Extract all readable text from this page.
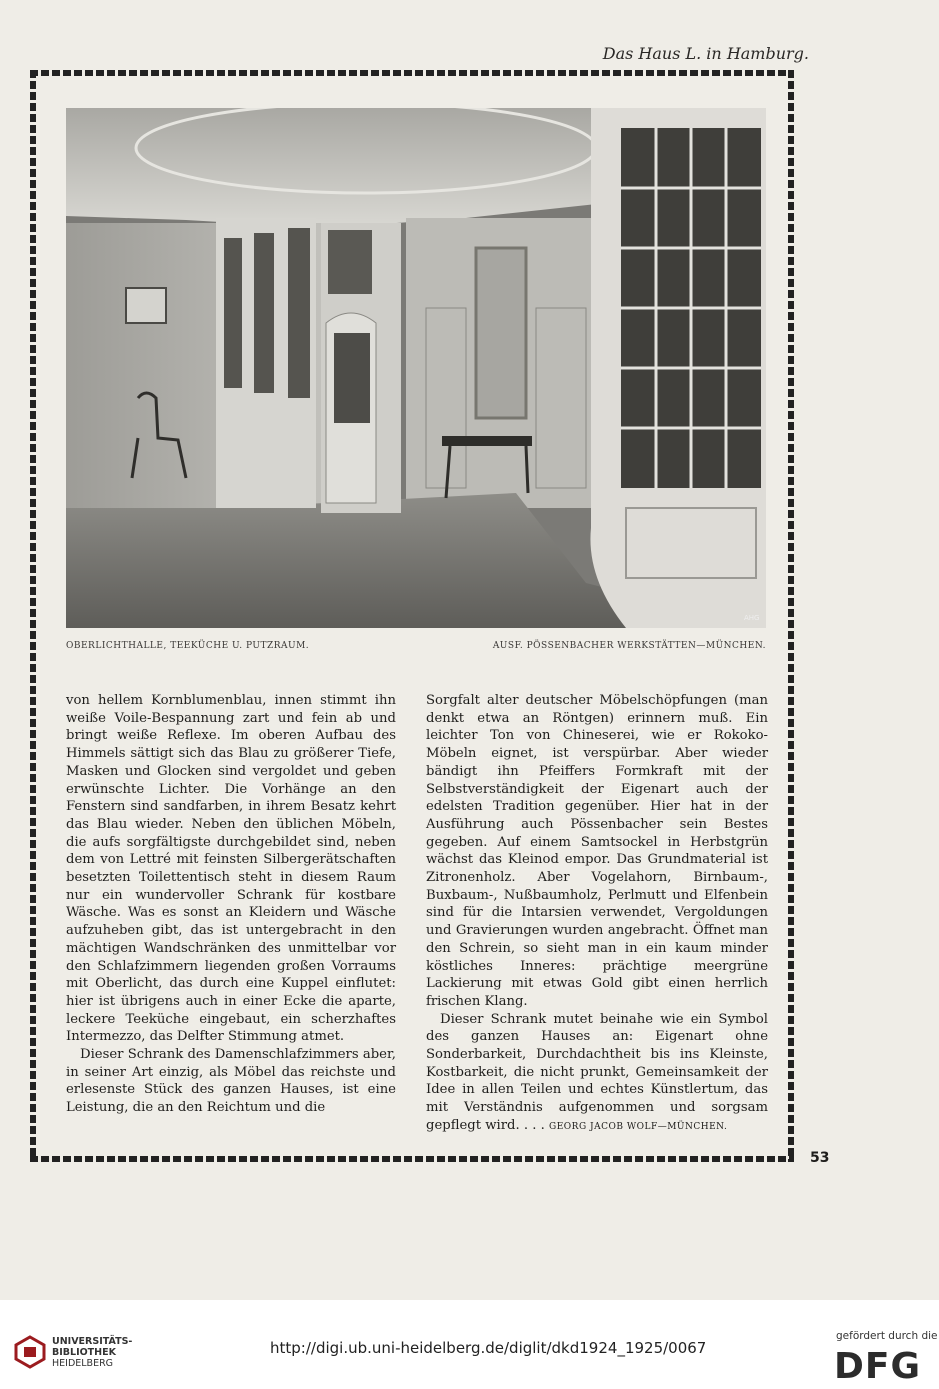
Das Haus L. in Hamburg.
AHG
OBERLICHTHALLE, TEEKÜCHE U. PUTZRAUM.	AUSF. PÖSSENBACHER WERKSTÄTTEN—MÜNCHEN.

von hellem Kornblumenblau, innen stimmt ihn weiße Voile-Bespannung zart und fein ab und bringt weiße Reflexe. Im oberen Aufbau des Himmels sättigt sich das Blau zu größerer Tiefe, Masken und Glocken sind vergoldet und geben erwünschte Lichter. Die Vorhänge an den Fenstern sind sandfarben, in ihrem Besatz kehrt das Blau wieder. Neben den üblichen Möbeln, die aufs sorgfältigste durchgebildet sind, neben dem von Lettré mit feinsten Silbergerätschaften besetzten Toilettentisch steht in diesem Raum nur ein wundervoller Schrank für kostbare Wäsche. Was es sonst an Kleidern und Wäsche aufzuheben gibt, das ist untergebracht in den mächtigen Wandschränken des unmittelbar vor den Schlafzimmern liegenden großen Vorraums mit Oberlicht, das durch eine Kuppel einflutet: hier ist übrigens auch in einer Ecke die aparte, leckere Teeküche eingebaut, ein scherzhaftes Intermezzo, das Delfter Stimmung atmet.

Dieser Schrank des Damenschlafzimmers aber, in seiner Art einzig, als Möbel das reichste und erlesenste Stück des ganzen Hauses, ist eine Leistung, die an den Reichtum und die

Sorgfalt alter deutscher Möbelschöpfungen (man denkt etwa an Röntgen) erinnern muß. Ein leichter Ton von Chineserei, wie er Rokoko-Möbeln eignet, ist verspürbar. Aber wieder bändigt ihn Pfeiffers Formkraft mit der Selbstverständigkeit der Eigenart auch der edelsten Tradition gegenüber. Hier hat in der Ausführung auch Pössenbacher sein Bestes gegeben. Auf einem Samtsockel in Herbstgrün wächst das Kleinod empor. Das Grundmaterial ist Zitronenholz. Aber Vogelahorn, Birnbaum-, Buxbaum-, Nußbaumholz, Perlmutt und Elfenbein sind für die Intarsien verwendet, Vergoldungen und Gravierungen wurden angebracht. Öffnet man den Schrein, so sieht man in ein kaum minder köstliches Inneres: prächtige meergrüne Lackierung mit etwas Gold gibt einen herrlich frischen Klang.

Dieser Schrank mutet beinahe wie ein Symbol des ganzen Hauses an: Eigenart ohne Sonderbarkeit, Durchdachtheit bis ins Kleinste, Kostbarkeit, die nicht prunkt, Gemeinsamkeit der Idee in allen Teilen und echtes Künstlertum, das mit Verständnis aufgenommen und sorgsam gepflegt wird. . . . GEORG JACOB WOLF—MÜNCHEN.

53
UNIVERSITÄTS-
BIBLIOTHEK
HEIDELBERG
http://digi.ub.uni-heidelberg.de/diglit/dkd1924_1925/0067
gefördert durch die
DFG
